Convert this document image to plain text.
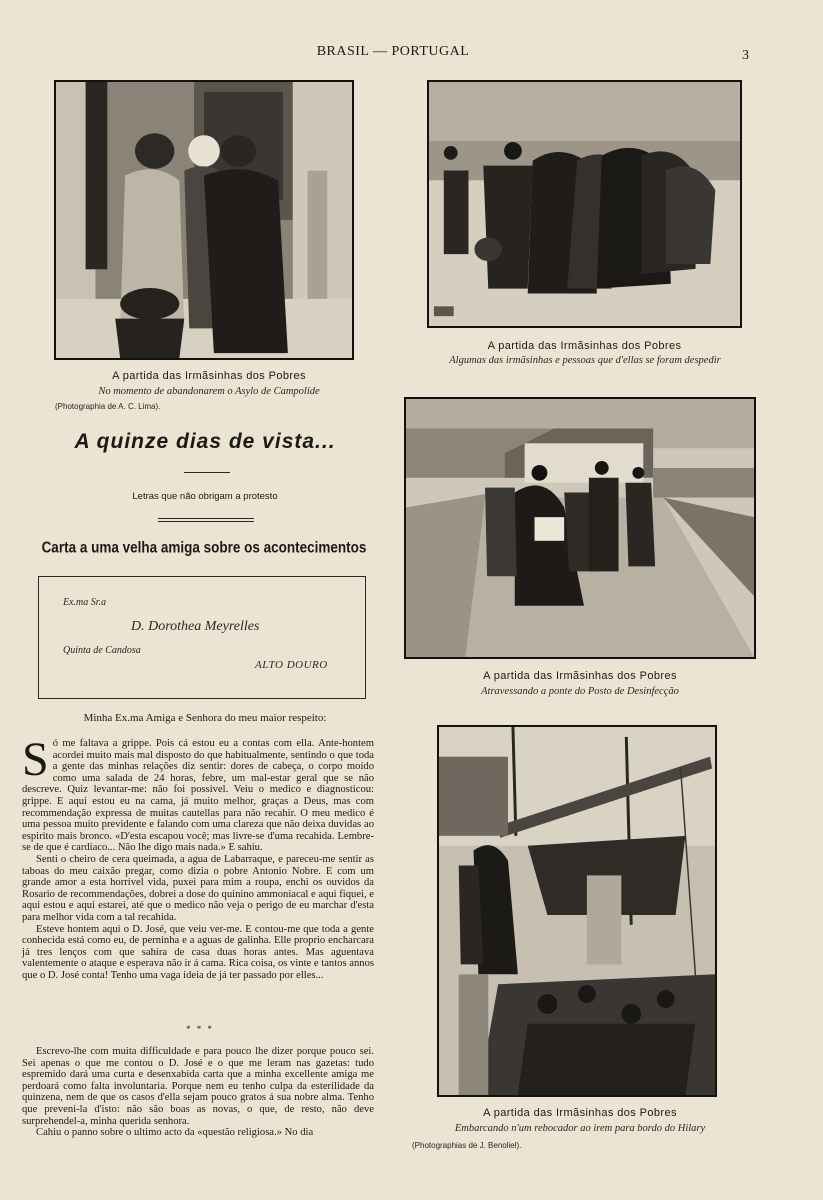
BRASIL — PORTUGAL	3
A partida das Irmãsinhas dos Pobres
No momento de abandonarem o Asylo de Campolide
(Photographia de A. C. Lima).
A partida das Irmãsinhas dos Pobres
Algumas das irmãsinhas e pessoas que d'ellas se foram despedir
A partida das Irmãsinhas dos Pobres
Atravessando a ponte do Posto de Desinfecção
A partida das Irmãsinhas dos Pobres
Embarcando n'um rebocador ao irem para bordo do Hilary
(Photographias de J. Benoliel).
A quinze dias de vista...
Letras que não obrigam a protesto
Carta a uma velha amiga sobre os acontecimentos
Ex.ma Sr.a
D. Dorothea Meyrelles
Quinta de Candosa
ALTO DOURO
Minha Ex.ma Amiga e Senhora do meu maior respeito:

Só me faltava a grippe. Pois cá estou eu a contas com ella. Ante-hontem acordei muito mais mal disposto do que habitualmente, sentindo o que toda a gente das minhas relações diz sentir: dores de cabeça, o corpo moído como uma salada de 24 horas, febre, um mal-estar geral que se não descreve. Quiz levantar-me: não foi possivel. Veiu o medico e diagnosticou: grippe. E aqui estou eu na cama, já muito melhor, graças a Deus, mas com recommendação expressa de muitas cautellas para não recahir. O meu medico é uma pessoa muito previdente e falando com uma clareza que não deixa duvidas ao espirito mais bronco. «D'esta escapou você; mas livre-se d'uma recahida. Lembre-se de que é cardiaco... Não lhe digo mais nada.» E sahiu.

Senti o cheiro de cera queimada, a agua de Labarraque, e pareceu-me sentir as taboas do meu caixão pregar, como dizia o pobre Antonio Nobre. E com um grande amor a esta horrivel vida, puxei para mim a roupa, enchi os ouvidos da Rosario de recommendações, dobrei a dose do quinino ammoniacal e aqui fiquei, e aqui estou e aqui estarei, até que o medico não veja o perigo de eu marchar d'esta para melhor vida com a tal recahida.

Esteve hontem aqui o D. José, que veiu ver-me. E contou-me que toda a gente conhecida está como eu, de perninha e a aguas de galinha. Elle proprio encharcara já tres lenços com que sahíra de casa duas horas antes. Mas aguentava valentemente o ataque e esperava não ir á cama. Rica coisa, os vinte e tantos annos que o D. José conta! Tenho uma vaga ideia de já ter passado por elles...

* * *

Escrevo-lhe com muita difficuldade e para pouco lhe dizer porque pouco sei. Sei apenas o que me contou o D. José e o que me leram nas gazetas: tudo espremido dará uma curta e desenxabida carta que a minha excellente amiga me perdoará como falta involuntaria. Porque nem eu tenho culpa da esterilidade da quinzena, nem de que os casos d'ella sejam pouco gratos á sua nobre alma. Tenho que preveni-la d'isto: não são boas as novas, o que, de resto, não deve surprehendel-a, minha querida senhora.

Cahiu o panno sobre o ultimo acto da «questão religiosa.» No dia
